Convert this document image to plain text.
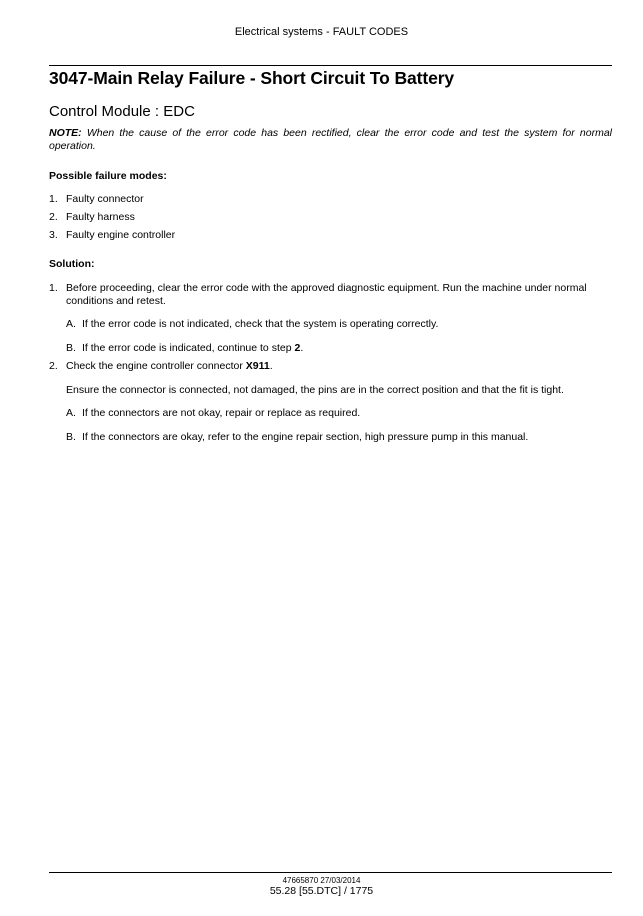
Electrical systems - FAULT CODES
3047-Main Relay Failure - Short Circuit To Battery
Control Module : EDC
NOTE: When the cause of the error code has been rectified, clear the error code and test the system for normal operation.
Possible failure modes:
1. Faulty connector
2. Faulty harness
3. Faulty engine controller
Solution:
1. Before proceeding, clear the error code with the approved diagnostic equipment. Run the machine under normal conditions and retest.
A. If the error code is not indicated, check that the system is operating correctly.
B. If the error code is indicated, continue to step 2.
2. Check the engine controller connector X911.
Ensure the connector is connected, not damaged, the pins are in the correct position and that the fit is tight.
A. If the connectors are not okay, repair or replace as required.
B. If the connectors are okay, refer to the engine repair section, high pressure pump in this manual.
47665870 27/03/2014
55.28 [55.DTC] / 1775
